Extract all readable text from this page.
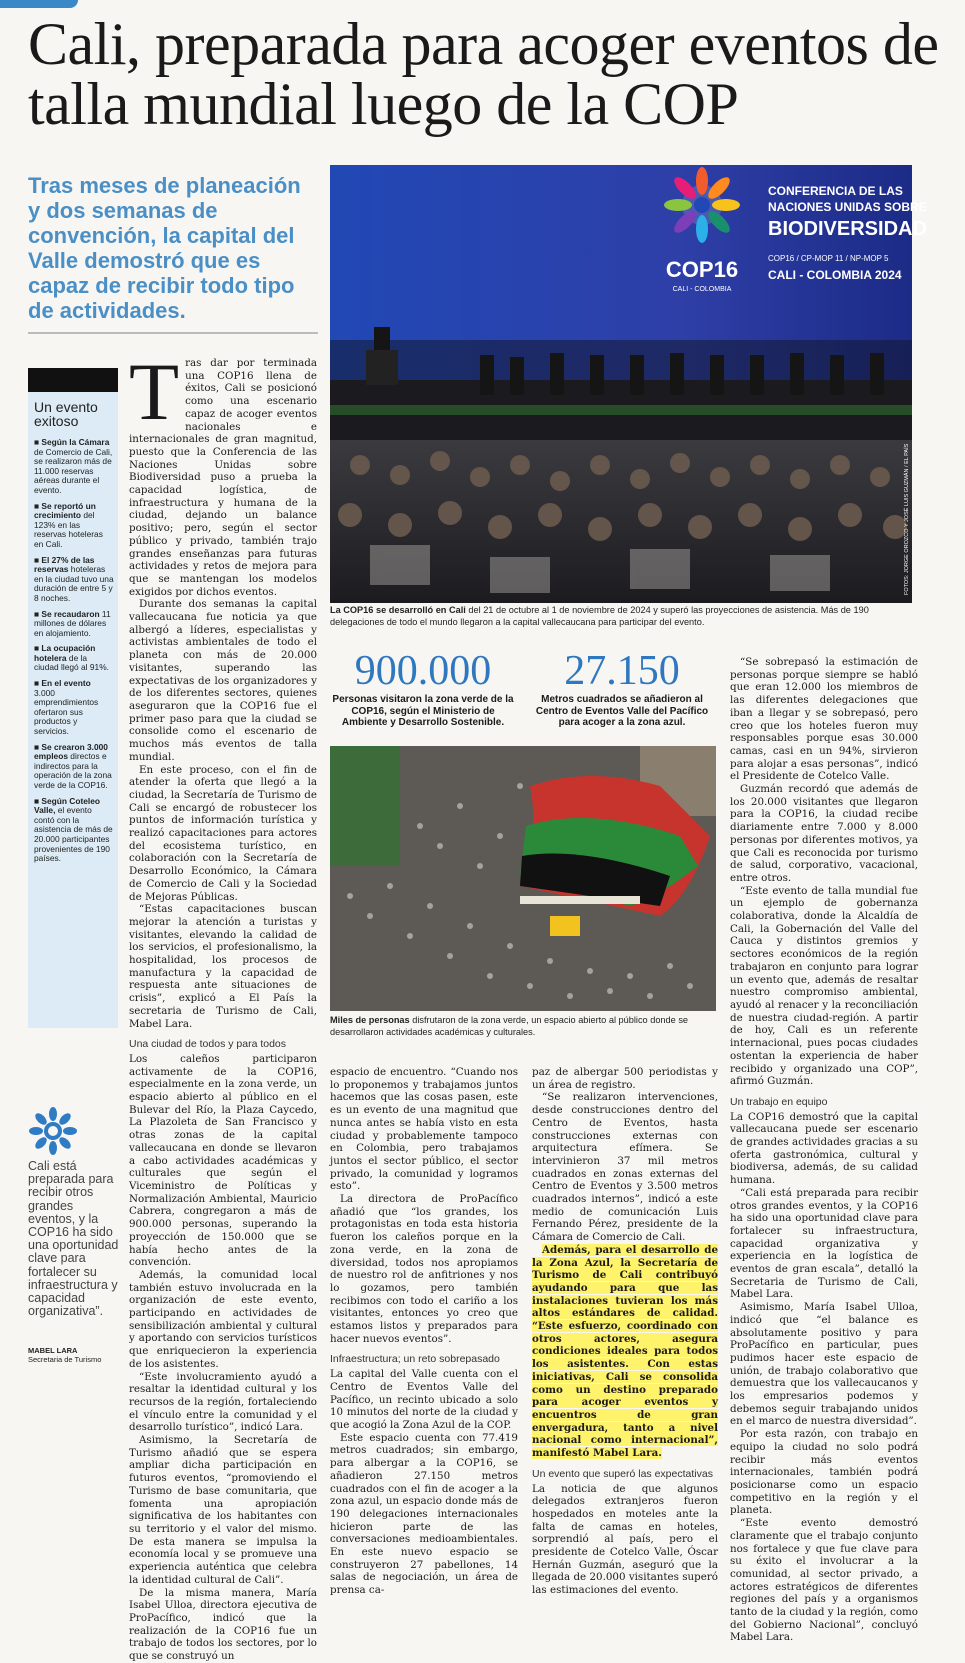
Cali, preparada para acoger eventos de talla mundial luego de la COP
Tras meses de planeación y dos semanas de convención, la capital del Valle demostró que es capaz de recibir todo tipo de actividades.
Un evento exitoso

■ Según la Cámara de Comercio de Cali, se realizaron más de 11.000 reservas aéreas durante el evento.

■ Se reportó un crecimiento del 123% en las reservas hoteleras en Cali.

■ El 27% de las reservas hoteleras en la ciudad tuvo una duración de entre 5 y 8 noches.

■ Se recaudaron 11 millones de dólares en alojamiento.

■ La ocupación hotelera de la ciudad llegó al 91%.

■ En el evento 3.000 emprendimientos ofertaron sus productos y servicios.

■ Se crearon 3.000 empleos directos e indirectos para la operación de la zona verde de la COP16.

■ Según Coteleo Valle, el evento contó con la asistencia de más de 20.000 participantes provenientes de 190 países.

Cali está preparada para recibir otros grandes eventos, y la COP16 ha sido una oportunidad clave para fortalecer su infraestructura y capacidad organizativa”.
MABEL LARA
Secretaria de Turismo
T ras dar por terminada una COP16 llena de éxitos, Cali se posicionó como una escenario capaz de acoger eventos nacionales e internacionales de gran magnitud, puesto que la Conferencia de las Naciones Unidas sobre Biodiversidad puso a prueba la capacidad logística, de infraestructura y humana de la ciudad, dejando un balance positivo; pero, según el sector público y privado, también trajo grandes enseñanzas para futuras actividades y retos de mejora para que se mantengan los modelos exigidos por dichos eventos.

Durante dos semanas la capital vallecaucana fue noticia ya que albergó a líderes, especialistas y activistas ambientales de todo el planeta con más de 20.000 visitantes, superando las expectativas de los organizadores y de los diferentes sectores, quienes aseguraron que la COP16 fue el primer paso para que la ciudad se consolide como el escenario de muchos más eventos de talla mundial.

En este proceso, con el fin de atender la oferta que llegó a la ciudad, la Secretaría de Turismo de Cali se encargó de robustecer los puntos de información turística y realizó capacitaciones para actores del ecosistema turístico, en colaboración con la Secretaría de Desarrollo Económico, la Cámara de Comercio de Cali y la Sociedad de Mejoras Públicas.

“Estas capacitaciones buscan mejorar la atención a turistas y visitantes, elevando la calidad de los servicios, el profesionalismo, la hospitalidad, los procesos de manufactura y la capacidad de respuesta ante situaciones de crisis”, explicó a El País la secretaria de Turismo de Cali, Mabel Lara.

Una ciudad de todos y para todos

Los caleños participaron activamente de la COP16, especialmente en la zona verde, un espacio abierto al público en el Bulevar del Río, la Plaza Caycedo, La Plazoleta de San Francisco y otras zonas de la capital vallecaucana en donde se llevaron a cabo actividades académicas y culturales que según el Viceministro de Políticas y Normalización Ambiental, Mauricio Cabrera, congregaron a más de 900.000 personas, superando la proyección de 150.000 que se había hecho antes de la convención.

Además, la comunidad local también estuvo involucrada en la organización de este evento, participando en actividades de sensibilización ambiental y cultural y aportando con servicios turísticos que enriquecieron la experiencia de los asistentes.

“Este involucramiento ayudó a resaltar la identidad cultural y los recursos de la región, fortaleciendo el vínculo entre la comunidad y el desarrollo turístico”, indicó Lara.

Asimismo, la Secretaría de Turismo añadió que se espera ampliar dicha participación en futuros eventos, “promoviendo el Turismo de base comunitaria, que fomenta una apropiación significativa de los habitantes con su territorio y el valor del mismo. De esta manera se impulsa la economía local y se promueve una experiencia auténtica que celebra la identidad cultural de Cali”.

De la misma manera, María Isabel Ulloa, directora ejecutiva de ProPacífico, indicó que la realización de la COP16 fue un trabajo de todos los sectores, por lo que se construyó un

COP16
CALI - COLOMBIA
CONFERENCIA DE LAS
NACIONES UNIDAS SOBRE
BIODIVERSIDAD
COP16 / CP-MOP 11 / NP-MOP 5
CALI - COLOMBIA 2024
FOTOS: JORGE OROZCO Y JOSÉ LUIS GUZMÁN / EL PAÍS
La COP16 se desarrolló en Cali del 21 de octubre al 1 de noviembre de 2024 y superó las proyecciones de asistencia. Más de 190 delegaciones de todo el mundo llegaron a la capital vallecaucana para participar del evento.
900.000
Personas visitaron la zona verde de la COP16, según el Ministerio de Ambiente y Desarrollo Sostenible.
27.150
Metros cuadrados se añadieron al Centro de Eventos Valle del Pacífico para acoger a la zona azul.
Miles de personas disfrutaron de la zona verde, un espacio abierto al público donde se desarrollaron actividades académicas y culturales.

espacio de encuentro. “Cuando nos lo proponemos y trabajamos juntos hacemos que las cosas pasen, este es un evento de una magnitud que nunca antes se había visto en esta ciudad y probablemente tampoco en Colombia, pero trabajamos juntos el sector público, el sector privado, la comunidad y logramos esto”.

La directora de ProPacífico añadió que “los grandes, los protagonistas en toda esta historia fueron los caleños porque en la zona verde, en la zona de diversidad, todos nos apropiamos de nuestro rol de anfitriones y nos lo gozamos, pero también recibimos con todo el cariño a los visitantes, entonces yo creo que estamos listos y preparados para hacer nuevos eventos”.

Infraestructura; un reto sobrepasado

La capital del Valle cuenta con el Centro de Eventos Valle del Pacífico, un recinto ubicado a solo 10 minutos del norte de la ciudad y que acogió la Zona Azul de la COP.

Este espacio cuenta con 77.419 metros cuadrados; sin embargo, para albergar a la COP16, se añadieron 27.150 metros cuadrados con el fin de acoger a la zona azul, un espacio donde más de 190 delegaciones internacionales hicieron parte de las conversaciones medioambientales. En este nuevo espacio se construyeron 27 pabellones, 14 salas de negociación, un área de prensa ca-

paz de albergar 500 periodistas y un área de registro.

“Se realizaron intervenciones, desde construcciones dentro del Centro de Eventos, hasta construcciones externas con arquitectura efímera. Se intervinieron 37 mil metros cuadrados en zonas externas del Centro de Eventos y 3.500 metros cuadrados internos”, indicó a este medio de comunicación Luis Fernando Pérez, presidente de la Cámara de Comercio de Cali.

Además, para el desarrollo de la Zona Azul, la Secretaría de Turismo de Cali contribuyó ayudando para que las instalaciones tuvieran los más altos estándares de calidad. “Este esfuerzo, coordinado con otros actores, asegura condiciones ideales para todos los asistentes. Con estas iniciativas, Cali se consolida como un destino preparado para acoger eventos y encuentros de gran envergadura, tanto a nivel nacional como internacional”, manifestó Mabel Lara.

Un evento que superó las expectativas

La noticia de que algunos delegados extranjeros fueron hospedados en moteles ante la falta de camas en hoteles, sorprendió al país, pero el presidente de Cotelco Valle, Óscar Hernán Guzmán, aseguró que la llegada de 20.000 visitantes superó las estimaciones del evento.

“Se sobrepasó la estimación de personas porque siempre se habló que eran 12.000 los miembros de las diferentes delegaciones que iban a llegar y se sobrepasó, pero creo que los hoteles fueron muy responsables porque esas 30.000 camas, casi en un 94%, sirvieron para alojar a esas personas”, indicó el Presidente de Cotelco Valle.

Guzmán recordó que además de los 20.000 visitantes que llegaron para la COP16, la ciudad recibe diariamente entre 7.000 y 8.000 personas por diferentes motivos, ya que Cali es reconocida por turismo de salud, corporativo, vacacional, entre otros.

“Este evento de talla mundial fue un ejemplo de gobernanza colaborativa, donde la Alcaldía de Cali, la Gobernación del Valle del Cauca y distintos gremios y sectores económicos de la región trabajaron en conjunto para lograr un evento que, además de resaltar nuestro compromiso ambiental, ayudó al renacer y la reconciliación de nuestra ciudad-región. A partir de hoy, Cali es un referente internacional, pues pocas ciudades ostentan la experiencia de haber recibido y organizado una COP”, afirmó Guzmán.

Un trabajo en equipo

La COP16 demostró que la capital vallecaucana puede ser escenario de grandes actividades gracias a su oferta gastronómica, cultural y biodiversa, además, de su calidad humana.

“Cali está preparada para recibir otros grandes eventos, y la COP16 ha sido una oportunidad clave para fortalecer su infraestructura, capacidad organizativa y experiencia en la logística de eventos de gran escala”, detalló la Secretaria de Turismo de Cali, Mabel Lara.

Asimismo, María Isabel Ulloa, indicó que “el balance es absolutamente positivo y para ProPacífico en particular, pues pudimos hacer este espacio de unión, de trabajo colaborativo que demuestra que los vallecaucanos y los empresarios podemos y debemos seguir trabajando unidos en el marco de nuestra diversidad”.

Por esta razón, con trabajo en equipo la ciudad no solo podrá recibir más eventos internacionales, también podrá posicionarse como un espacio competitivo en la región y el planeta.

“Este evento demostró claramente que el trabajo conjunto nos fortalece y que fue clave para su éxito el involucrar a la comunidad, al sector privado, a actores estratégicos de diferentes regiones del país y a organismos tanto de la ciudad y la región, como del Gobierno Nacional”, concluyó Mabel Lara.
